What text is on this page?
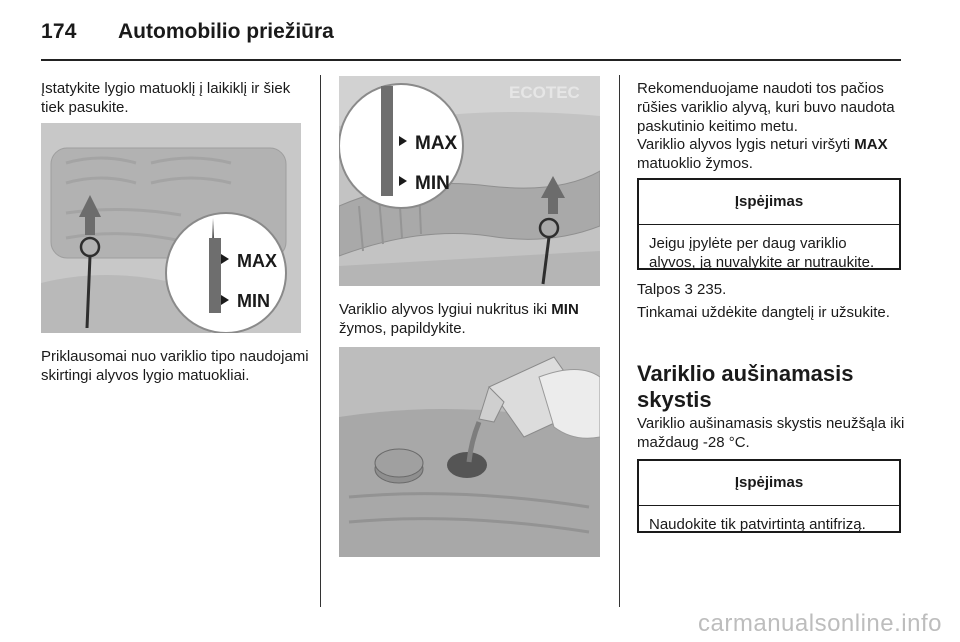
174 Automobilio priežiūra
Įstatykite lygio matuoklį į laikiklį ir šiek tiek pasukite.
MAX
MIN
Priklausomai nuo variklio tipo naudojami skirtingi alyvos lygio matuokliai.
ECOTEC
MAX
MIN
Variklio alyvos lygiui nukritus iki MIN žymos, papildykite.
Rekomenduojame naudoti tos pačios rūšies variklio alyvą, kuri buvo naudota paskutinio keitimo metu.
Variklio alyvos lygis neturi viršyti MAX matuoklio žymos.
Įspėjimas
Jeigu įpylėte per daug variklio alyvos, ją nuvalykite ar nutraukite.
Talpos 3 235.
Tinkamai uždėkite dangtelį ir užsukite.
Variklio aušinamasis skystis
Variklio aušinamasis skystis neužšąla iki maždaug -28 °C.
Įspėjimas
Naudokite tik patvirtintą antifrizą.
carmanualsonline.info
